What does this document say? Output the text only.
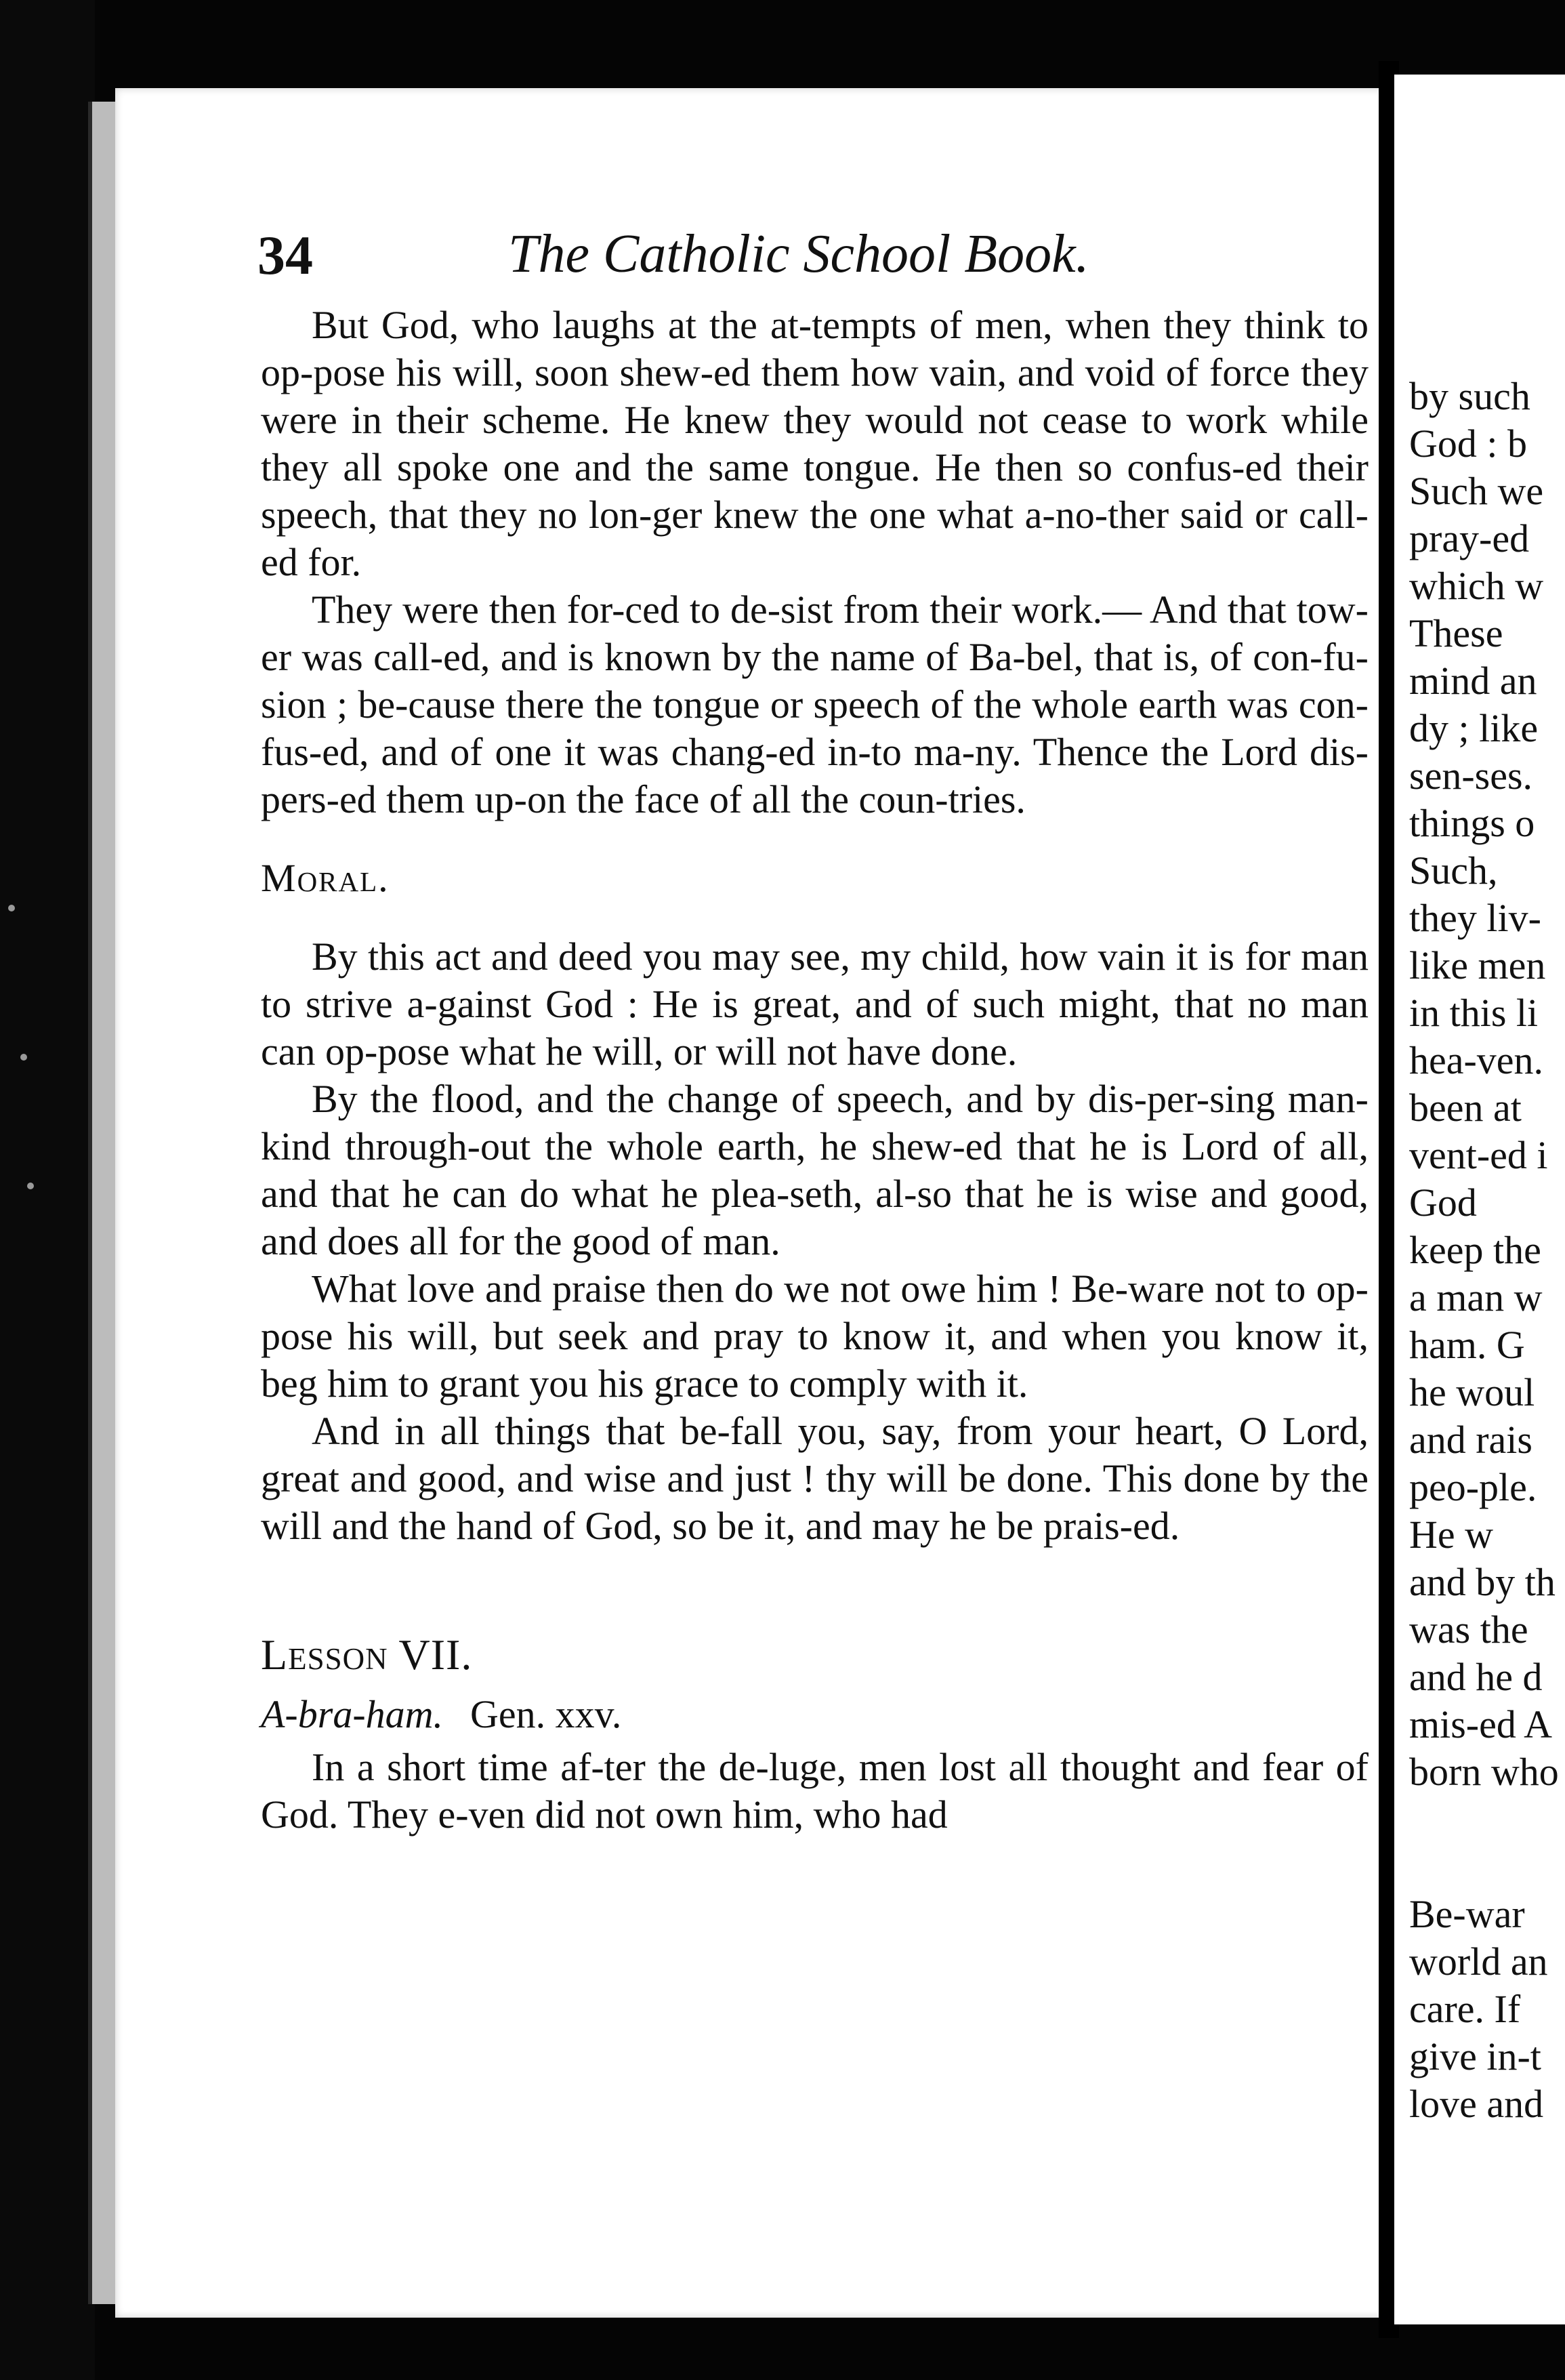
by such
God : b
Such we
pray-ed
which w
These
mind an
dy ; like
sen-ses.
things o
Such,
they liv-
like men
in this li
hea-ven.
been at
vent-ed i
God
keep the
a man w
ham. G
he woul
and rais
peo-ple.
He w
and by th
was the
and he d
mis-ed A
born who
Be-war
world an
care. If
give in-t
love and
34	The Catholic School Book.

But God, who laughs at the at-tempts of men, when they think to op-pose his will, soon shew-ed them how vain, and void of force they were in their scheme. He knew they would not cease to work while they all spoke one and the same tongue. He then so confus-ed their speech, that they no lon-ger knew the one what a-no-ther said or call-ed for.

They were then for-ced to de-sist from their work.— And that tow-er was call-ed, and is known by the name of Ba-bel, that is, of con-fu-sion ; be-cause there the tongue or speech of the whole earth was con-fus-ed, and of one it was chang-ed in-to ma-ny. Thence the Lord dis-pers-ed them up-on the face of all the coun-tries.

Moral.

By this act and deed you may see, my child, how vain it is for man to strive a-gainst God : He is great, and of such might, that no man can op-pose what he will, or will not have done.

By the flood, and the change of speech, and by dis-per-sing man-kind through-out the whole earth, he shew-ed that he is Lord of all, and that he can do what he plea-seth, al-so that he is wise and good, and does all for the good of man.

What love and praise then do we not owe him ! Be-ware not to op-pose his will, but seek and pray to know it, and when you know it, beg him to grant you his grace to comply with it.

And in all things that be-fall you, say, from your heart, O Lord, great and good, and wise and just ! thy will be done. This done by the will and the hand of God, so be it, and may he be prais-ed.

Lesson VII.

A-bra-ham. Gen. xxv.

In a short time af-ter the de-luge, men lost all thought and fear of God. They e-ven did not own him, who had
